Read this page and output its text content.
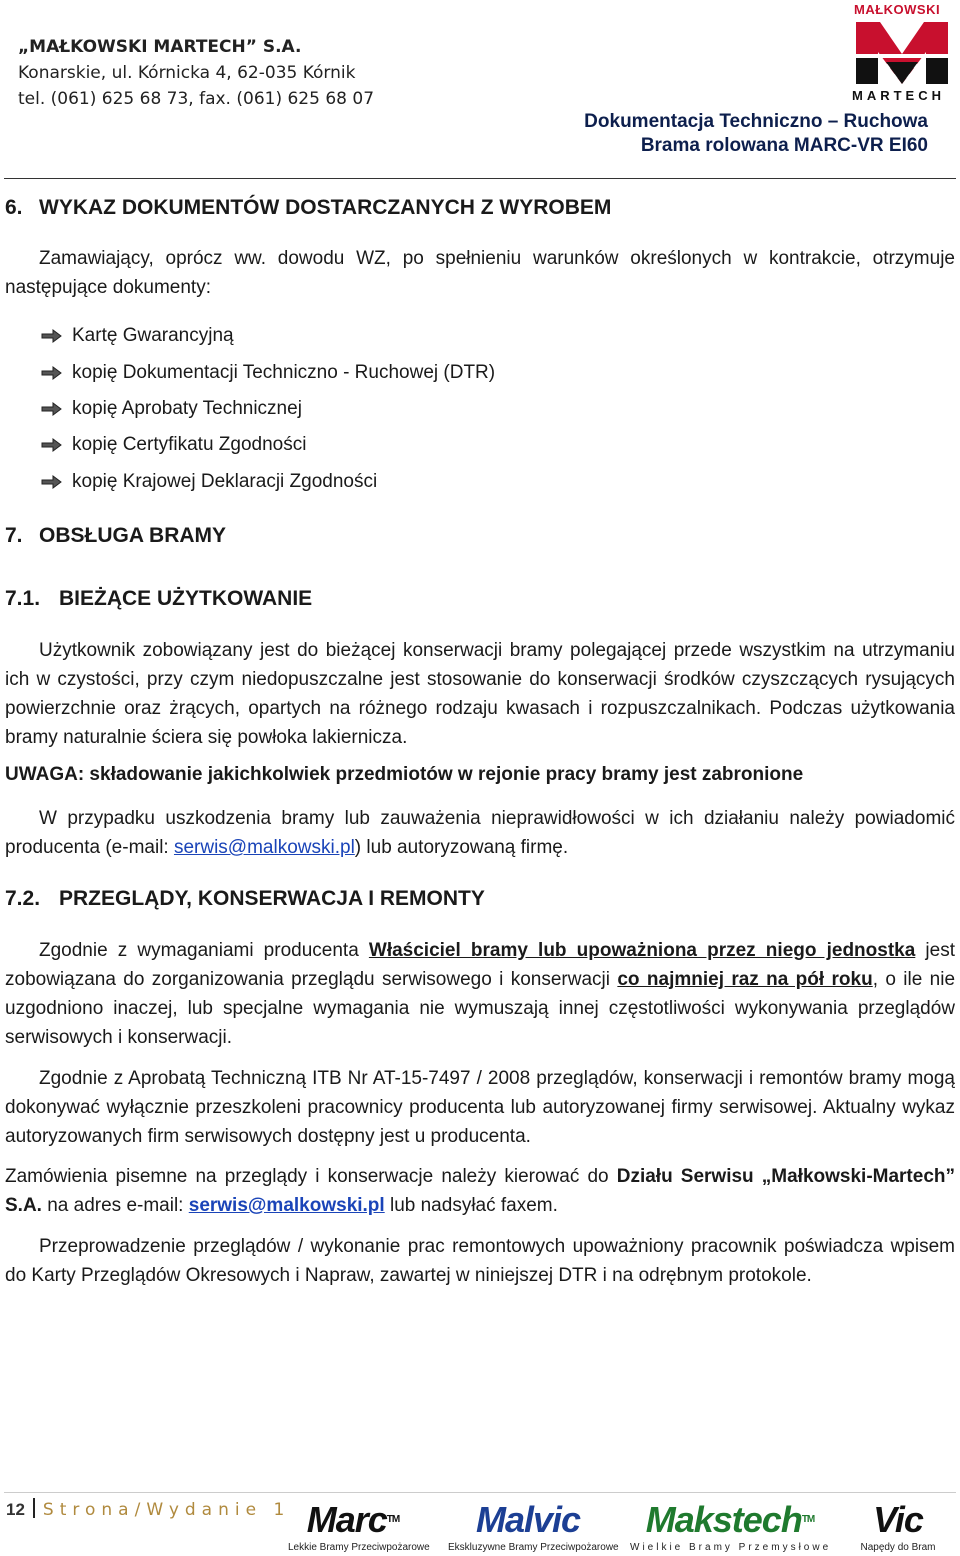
„MAŁKOWSKI MARTECH” S.A.
Konarskie, ul. Kórnicka 4, 62-035 Kórnik
tel. (061) 625 68 73, fax. (061) 625 68 07
MAŁKOWSKI
MARTECH
Dokumentacja Techniczno – Ruchowa
Brama rolowana MARC-VR EI60
6. WYKAZ DOKUMENTÓW DOSTARCZANYCH Z WYROBEM
Zamawiający, oprócz ww. dowodu WZ, po spełnieniu warunków określonych w kontrakcie, otrzymuje następujące dokumenty:
Kartę Gwarancyjną
kopię Dokumentacji Techniczno - Ruchowej (DTR)
kopię Aprobaty Technicznej
kopię Certyfikatu Zgodności
kopię Krajowej Deklaracji Zgodności
7. OBSŁUGA BRAMY
7.1. BIEŻĄCE UŻYTKOWANIE
Użytkownik zobowiązany jest do bieżącej konserwacji bramy polegającej przede wszystkim na utrzymaniu ich w czystości, przy czym niedopuszczalne jest stosowanie do konserwacji środków czyszczących rysujących powierzchnie oraz żrących, opartych na różnego rodzaju kwasach i rozpuszczalnikach. Podczas użytkowania bramy naturalnie ściera się powłoka lakiernicza.
UWAGA: składowanie jakichkolwiek przedmiotów w rejonie pracy bramy jest zabronione
W przypadku uszkodzenia bramy lub zauważenia nieprawidłowości w ich działaniu należy powiadomić producenta (e-mail: serwis@malkowski.pl) lub autoryzowaną firmę.
7.2. PRZEGLĄDY, KONSERWACJA I REMONTY
Zgodnie z wymaganiami producenta Właściciel bramy lub upoważniona przez niego jednostka jest zobowiązana do zorganizowania przeglądu serwisowego i konserwacji co najmniej raz na pół roku, o ile nie uzgodniono inaczej, lub specjalne wymagania nie wymuszają innej częstotliwości wykonywania przeglądów serwisowych i konserwacji.
Zgodnie z Aprobatą Techniczną ITB Nr AT-15-7497 / 2008 przeglądów, konserwacji i remontów bramy mogą dokonywać wyłącznie przeszkoleni pracownicy producenta lub autoryzowanej firmy serwisowej. Aktualny wykaz autoryzowanych firm serwisowych dostępny jest u producenta.
Zamówienia pisemne na przeglądy i konserwacje należy kierować do Działu Serwisu „Małkowski-Martech” S.A. na adres e-mail: serwis@malkowski.pl lub nadsyłać faxem.
Przeprowadzenie przeglądów / wykonanie prac remontowych upoważniony pracownik poświadcza wpisem do Karty Przeglądów Okresowych i Napraw, zawartej w niniejszej DTR i na odrębnym protokole.
12 Strona/Wydanie 1 Marc™
Lekkie Bramy Przeciwpożarowe
Malvic
Ekskluzywne Bramy Przeciwpożarowe
Makstech™
Wielkie Bramy Przemysłowe
Vic
Napędy do Bram
